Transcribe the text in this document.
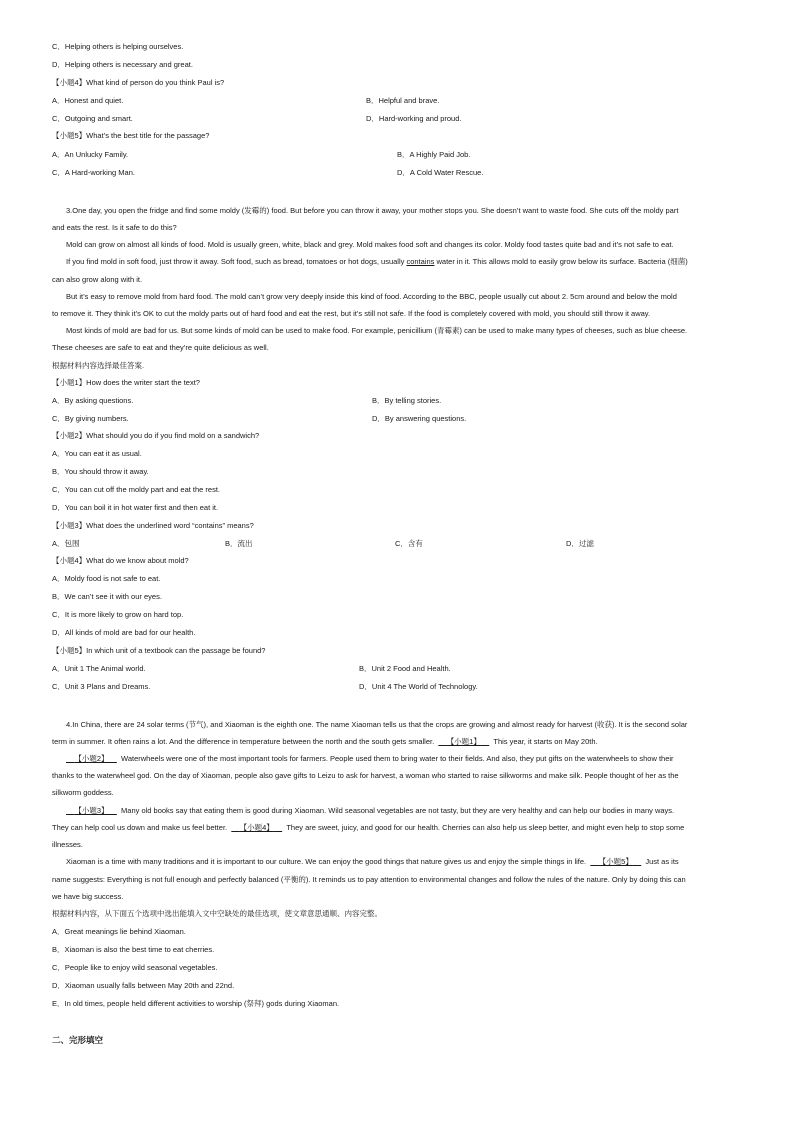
C．Helping others is helping ourselves.
D．Helping others is necessary and great.
【小题4】What kind of person do you think Paul is?
A．Honest and quiet.	B．Helpful and brave.
C．Outgoing and smart.	D．Hard-working and proud.
【小题5】What’s the best title for the passage?
A．An Unlucky Family.	B．A Highly Paid Job.
C．A Hard-working Man.	D．A Cold Water Rescue.
3.One day, you open the fridge and find some moldy (发霉的) food. But before you can throw it away, your mother stops you. She doesn’t want to waste food. She cuts off the moldy part
and eats the rest. Is it safe to do this?
Mold can grow on almost all kinds of food. Mold is usually green, white, black and grey. Mold makes food soft and changes its color. Moldy food tastes quite bad and it’s not safe to eat.
If you find mold in soft food, just throw it away. Soft food, such as bread, tomatoes or hot dogs, usually contains water in it. This allows mold to easily grow below its surface. Bacteria (细菌)
can also grow along with it.
But it’s easy to remove mold from hard food. The mold can’t grow very deeply inside this kind of food. According to the BBC, people usually cut about 2. 5cm around and below the mold
to remove it. They think it’s OK to cut the moldy parts out of hard food and eat the rest, but it’s still not safe. If the food is completely covered with mold, you should still throw it away.
Most kinds of mold are bad for us. But some kinds of mold can be used to make food. For example, penicillium (青霉素) can be used to make many types of cheeses, such as blue cheese.
These cheeses are safe to eat and they’re quite delicious as well.
根据材料内容选择最佳答案.
【小题1】How does the writer start the text?
A．By asking questions.	B．By telling stories.
C．By giving numbers.	D．By answering questions.
【小题2】What should you do if you find mold on a sandwich?
A．You can eat it as usual.
B．You should throw it away.
C．You can cut off the moldy part and eat the rest.
D．You can boil it in hot water first and then eat it.
【小题3】What does the underlined word “contains” means?
A．包围	B．流出	C．含有	D．过滤
【小题4】What do we know about mold?
A．Moldy food is not safe to eat.
B．We can’t see it with our eyes.
C．It is more likely to grow on hard top.
D．All kinds of mold are bad for our health.
【小题5】In which unit of a textbook can the passage be found?
A．Unit 1 The Animal world.	B．Unit 2 Food and Health.
C．Unit 3 Plans and Dreams.	D．Unit 4 The World of Technology.
4.In China, there are 24 solar terms (节气), and Xiaoman is the eighth one. The name Xiaoman tells us that the crops are growing and almost ready for harvest (收获). It is the second solar
term in summer. It often rains a lot. And the difference in temperature between the north and the south gets smaller. 【小题1】 This year, it starts on May 20th.
【小题2】 Waterwheels were one of the most important tools for farmers. People used them to bring water to their fields. And also, they put gifts on the waterwheels to show their
thanks to the waterwheel god. On the day of Xiaoman, people also gave gifts to Leizu to ask for harvest, a woman who started to raise silkworms and make silk. People thought of her as the
silkworm goddess.
【小题3】 Many old books say that eating them is good during Xiaoman. Wild seasonal vegetables are not tasty, but they are very healthy and can help our bodies in many ways.
They can help cool us down and make us feel better. 【小题4】 They are sweet, juicy, and good for our health. Cherries can also help us sleep better, and might even help to stop some
illnesses.
Xiaoman is a time with many traditions and it is important to our culture. We can enjoy the good things that nature gives us and enjoy the simple things in life. 【小题5】 Just as its
name suggests: Everything is not full enough and perfectly balanced (平衡的). It reminds us to pay attention to environmental changes and follow the rules of the nature. Only by doing this can
we have big success.
根据材料内容，从下面五个选项中选出能填入文中空缺处的最佳选项，使文章意思通顺、内容完整。
A．Great meanings lie behind Xiaoman.
B．Xiaoman is also the best time to eat cherries.
C．People like to enjoy wild seasonal vegetables.
D．Xiaoman usually falls between May 20th and 22nd.
E．In old times, people held different activities to worship (祭拜) gods during Xiaoman.
二、完形填空
